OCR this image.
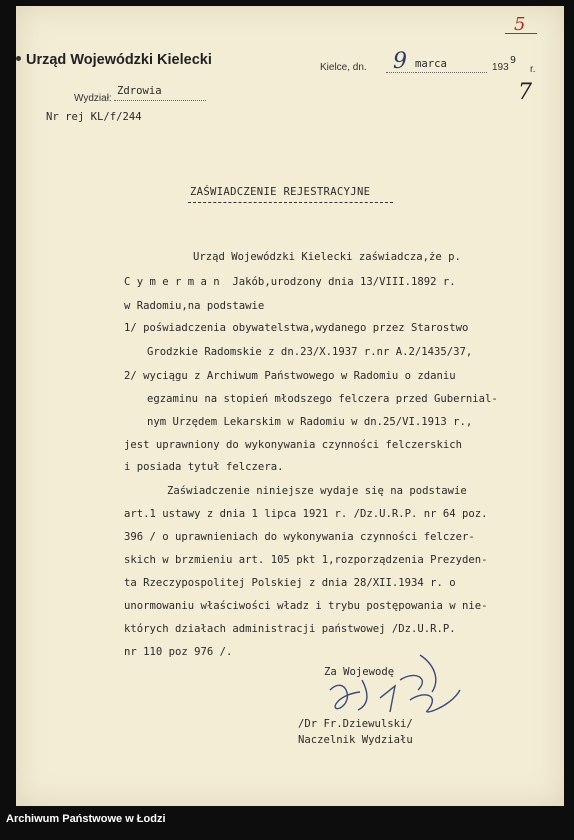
Urząd Wojewódzki Kielecki	Kielce, dn. 9 marca	193
9
r.
5
7
Wydział:
Zdrowia
Nr rej KL/f/244
ZAŚWIADCZENIE REJESTRACYJNE
Urząd Wojewódzki Kielecki zaświadcza,że p.
C y m e r m a n  Jakób,urodzony dnia 13/VIII.1892 r.
w Radomiu,na podstawie
1/ poświadczenia obywatelstwa,wydanego przez Starostwo
Grodzkie Radomskie z dn.23/X.1937 r.nr A.2/1435/37,
2/ wyciągu z Archiwum Państwowego w Radomiu o zdaniu
egzaminu na stopień młodszego felczera przed Gubernial-
nym Urzędem Lekarskim w Radomiu w dn.25/VI.1913 r.,
jest uprawniony do wykonywania czynności felczerskich
i posiada tytuł felczera.
Zaświadczenie niniejsze wydaje się na podstawie
art.1 ustawy z dnia 1 lipca 1921 r. /Dz.U.R.P. nr 64 poz.
396 / o uprawnieniach do wykonywania czynności felczer-
skich w brzmieniu art. 105 pkt 1,rozporządzenia Prezyden-
ta Rzeczypospolitej Polskiej z dnia 28/XII.1934 r. o
unormowaniu właściwości władz i trybu postępowania w nie-
których działach administracji państwowej /Dz.U.R.P.
nr 110 poz 976 /.
Za Wojewodę
/Dr Fr.Dziewulski/
Naczelnik Wydziału
Archiwum Państwowe w Łodzi
